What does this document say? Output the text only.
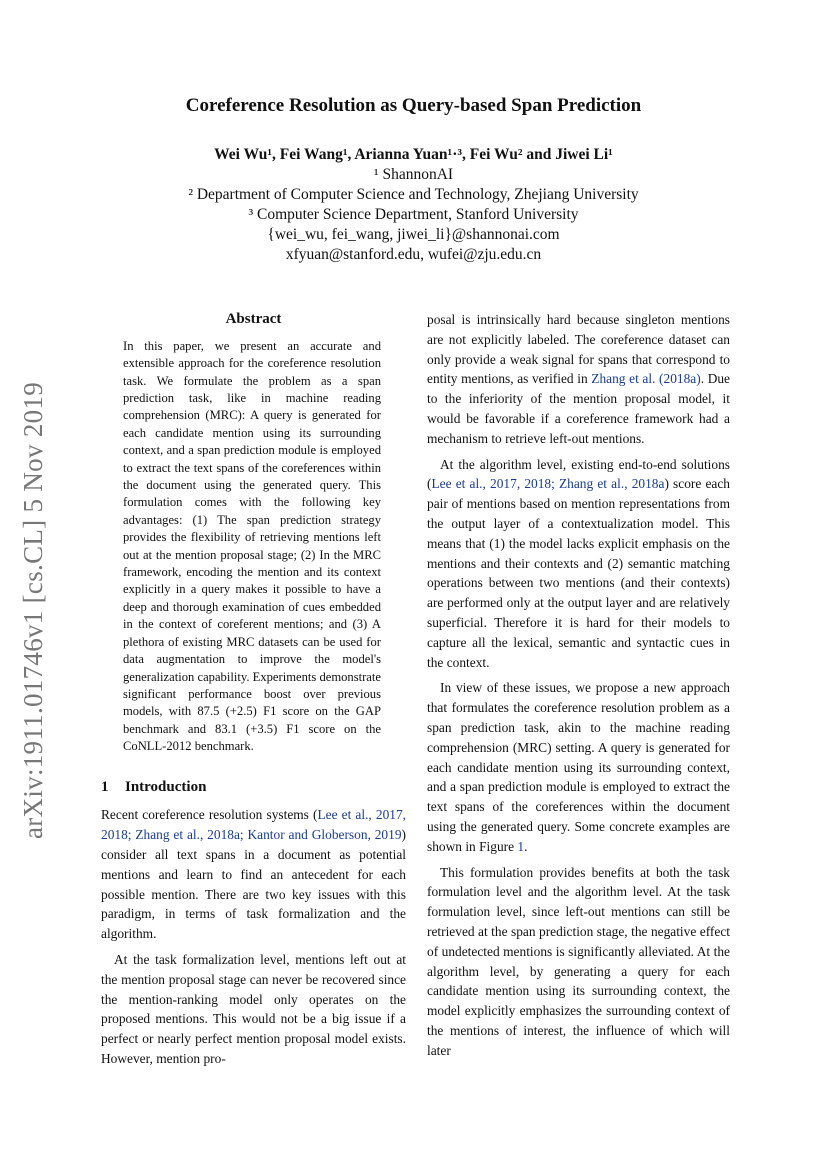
arXiv:1911.01746v1 [cs.CL] 5 Nov 2019
Coreference Resolution as Query-based Span Prediction
Wei Wu¹, Fei Wang¹, Arianna Yuan¹·³, Fei Wu² and Jiwei Li¹
¹ ShannonAI
² Department of Computer Science and Technology, Zhejiang University
³ Computer Science Department, Stanford University
{wei_wu, fei_wang, jiwei_li}@shannonai.com
xfyuan@stanford.edu, wufei@zju.edu.cn
Abstract

In this paper, we present an accurate and extensible approach for the coreference resolution task. We formulate the problem as a span prediction task, like in machine reading comprehension (MRC): A query is generated for each candidate mention using its surrounding context, and a span prediction module is employed to extract the text spans of the coreferences within the document using the generated query. This formulation comes with the following key advantages: (1) The span prediction strategy provides the flexibility of retrieving mentions left out at the mention proposal stage; (2) In the MRC framework, encoding the mention and its context explicitly in a query makes it possible to have a deep and thorough examination of cues embedded in the context of coreferent mentions; and (3) A plethora of existing MRC datasets can be used for data augmentation to improve the model's generalization capability. Experiments demonstrate significant performance boost over previous models, with 87.5 (+2.5) F1 score on the GAP benchmark and 83.1 (+3.5) F1 score on the CoNLL-2012 benchmark.

1 Introduction

Recent coreference resolution systems (Lee et al., 2017, 2018; Zhang et al., 2018a; Kantor and Globerson, 2019) consider all text spans in a document as potential mentions and learn to find an antecedent for each possible mention. There are two key issues with this paradigm, in terms of task formalization and the algorithm.

At the task formalization level, mentions left out at the mention proposal stage can never be recovered since the mention-ranking model only operates on the proposed mentions. This would not be a big issue if a perfect or nearly perfect mention proposal model exists. However, mention pro-

posal is intrinsically hard because singleton mentions are not explicitly labeled. The coreference dataset can only provide a weak signal for spans that correspond to entity mentions, as verified in Zhang et al. (2018a). Due to the inferiority of the mention proposal model, it would be favorable if a coreference framework had a mechanism to retrieve left-out mentions.

At the algorithm level, existing end-to-end solutions (Lee et al., 2017, 2018; Zhang et al., 2018a) score each pair of mentions based on mention representations from the output layer of a contextualization model. This means that (1) the model lacks explicit emphasis on the mentions and their contexts and (2) semantic matching operations between two mentions (and their contexts) are performed only at the output layer and are relatively superficial. Therefore it is hard for their models to capture all the lexical, semantic and syntactic cues in the context.

In view of these issues, we propose a new approach that formulates the coreference resolution problem as a span prediction task, akin to the machine reading comprehension (MRC) setting. A query is generated for each candidate mention using its surrounding context, and a span prediction module is employed to extract the text spans of the coreferences within the document using the generated query. Some concrete examples are shown in Figure 1.

This formulation provides benefits at both the task formulation level and the algorithm level. At the task formulation level, since left-out mentions can still be retrieved at the span prediction stage, the negative effect of undetected mentions is significantly alleviated. At the algorithm level, by generating a query for each candidate mention using its surrounding context, the model explicitly emphasizes the surrounding context of the mentions of interest, the influence of which will later
